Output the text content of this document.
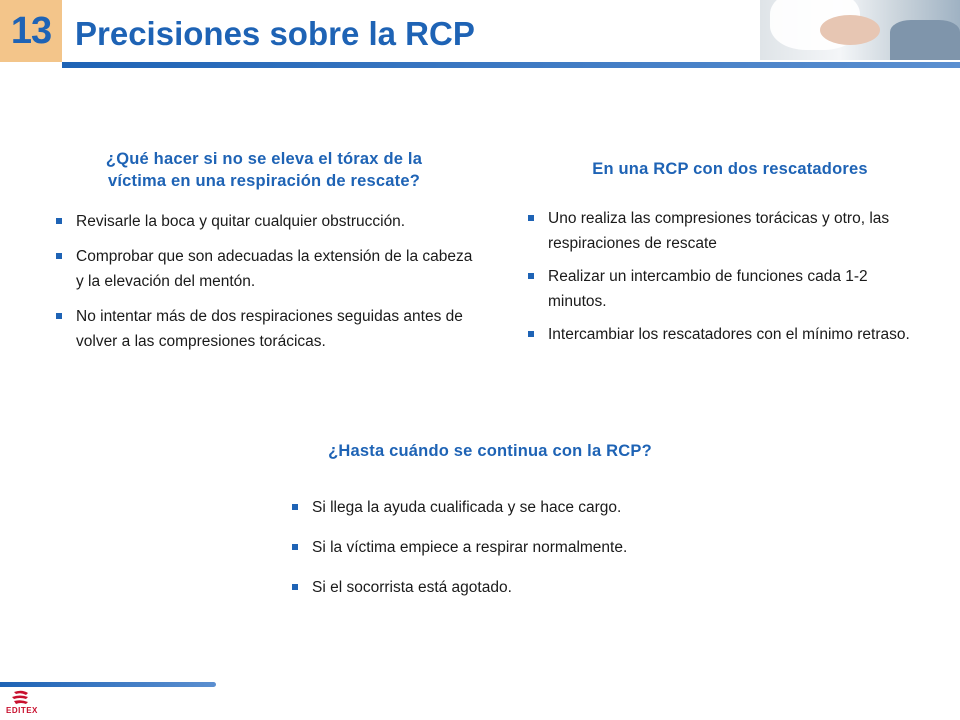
13 Precisiones sobre la RCP
¿Qué hacer si no se eleva el tórax de la
víctima en una respiración de rescate?
Revisarle la boca y quitar cualquier obstrucción.
Comprobar que son adecuadas la extensión de la cabeza y la elevación del mentón.
No intentar más de dos respiraciones seguidas antes de volver a las compresiones torácicas.
En una RCP con dos rescatadores
Uno realiza las compresiones torácicas y otro, las respiraciones de rescate
Realizar un intercambio de funciones cada 1-2 minutos.
Intercambiar los rescatadores con el mínimo retraso.
¿Hasta cuándo se continua con la RCP?
Si llega la ayuda cualificada y se hace cargo.
Si la víctima empiece a respirar normalmente.
Si el socorrista está agotado.
EDITEX
